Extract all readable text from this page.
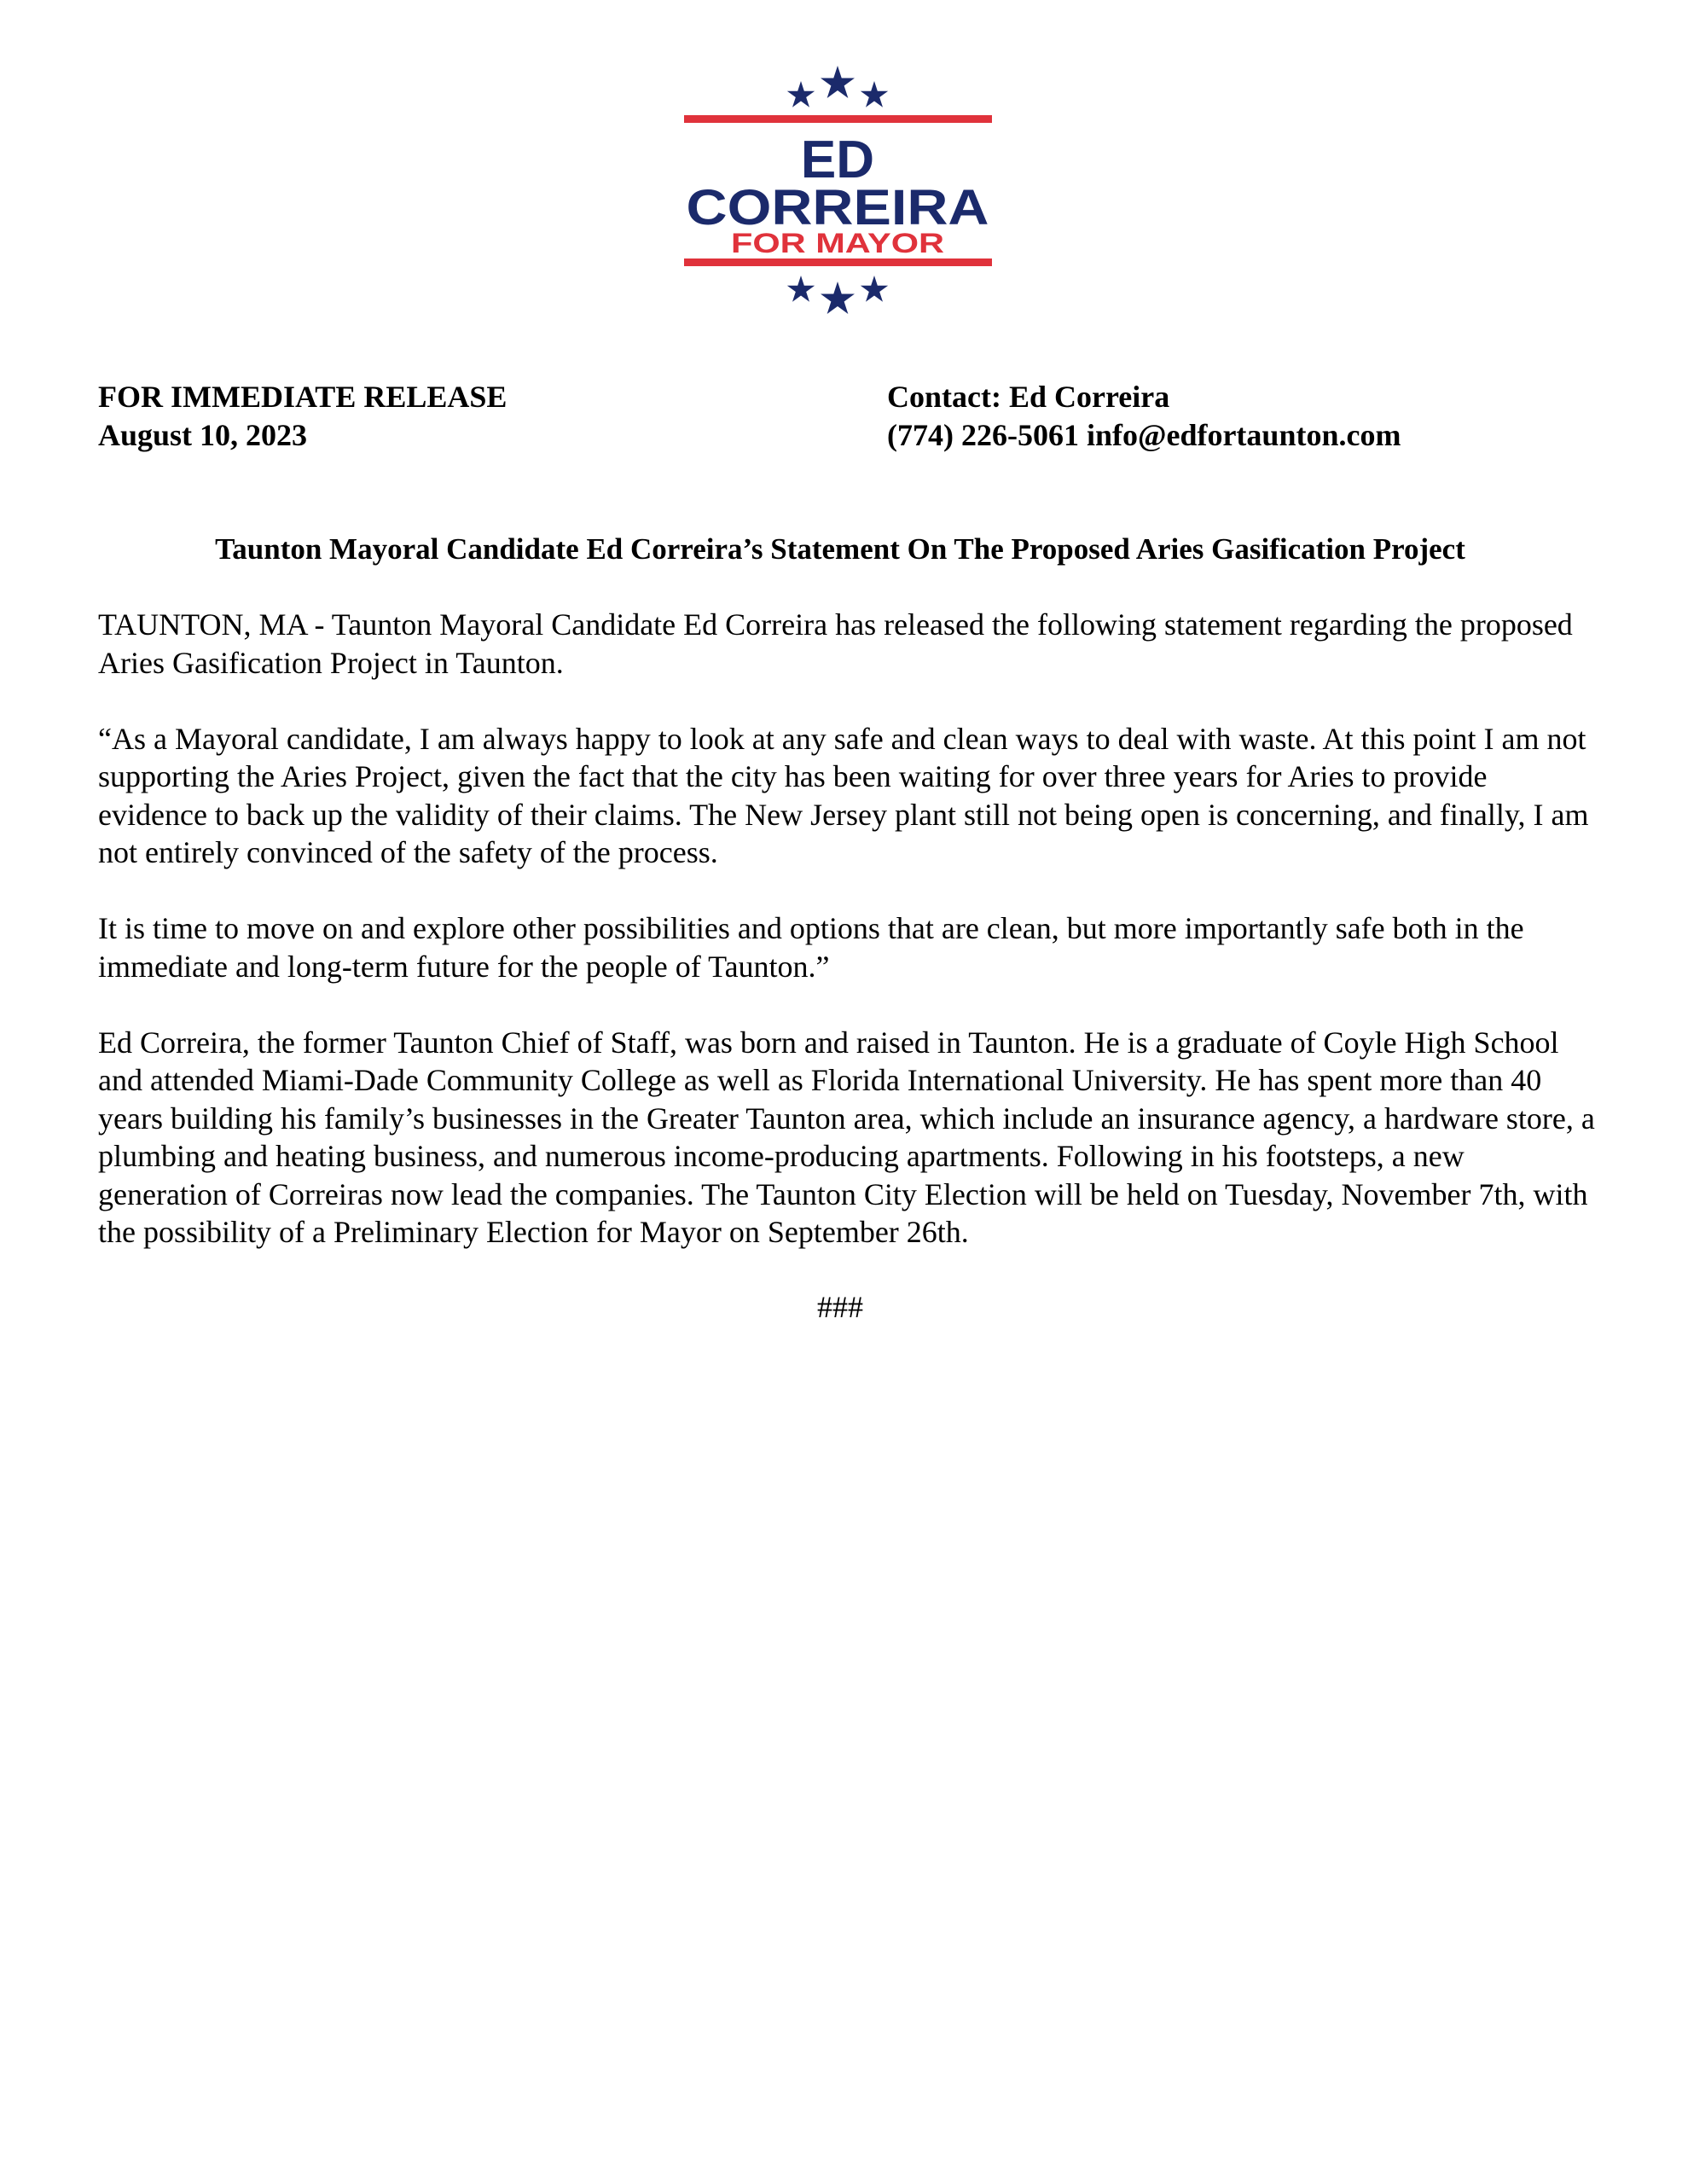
ED
CORREIRA
FOR MAYOR
FOR IMMEDIATE RELEASE
August 10, 2023
Contact: Ed Correira
(774) 226-5061 info@edfortaunton.com
Taunton Mayoral Candidate Ed Correira’s Statement On The Proposed Aries Gasification Project

TAUNTON, MA - Taunton Mayoral Candidate Ed Correira has released the following statement regarding the proposed Aries Gasification Project in Taunton.

“As a Mayoral candidate, I am always happy to look at any safe and clean ways to deal with waste. At this point I am not supporting the Aries Project, given the fact that the city has been waiting for over three years for Aries to provide evidence to back up the validity of their claims. The New Jersey plant still not being open is concerning, and finally, I am not entirely convinced of the safety of the process.

It is time to move on and explore other possibilities and options that are clean, but more importantly safe both in the immediate and long-term future for the people of Taunton.”

Ed Correira, the former Taunton Chief of Staff, was born and raised in Taunton. He is a graduate of Coyle High School and attended Miami-Dade Community College as well as Florida International University. He has spent more than 40 years building his family’s businesses in the Greater Taunton area, which include an insurance agency, a hardware store, a plumbing and heating business, and numerous income-producing apartments. Following in his footsteps, a new generation of Correiras now lead the companies. The Taunton City Election will be held on Tuesday, November 7th, with the possibility of a Preliminary Election for Mayor on September 26th.

###
